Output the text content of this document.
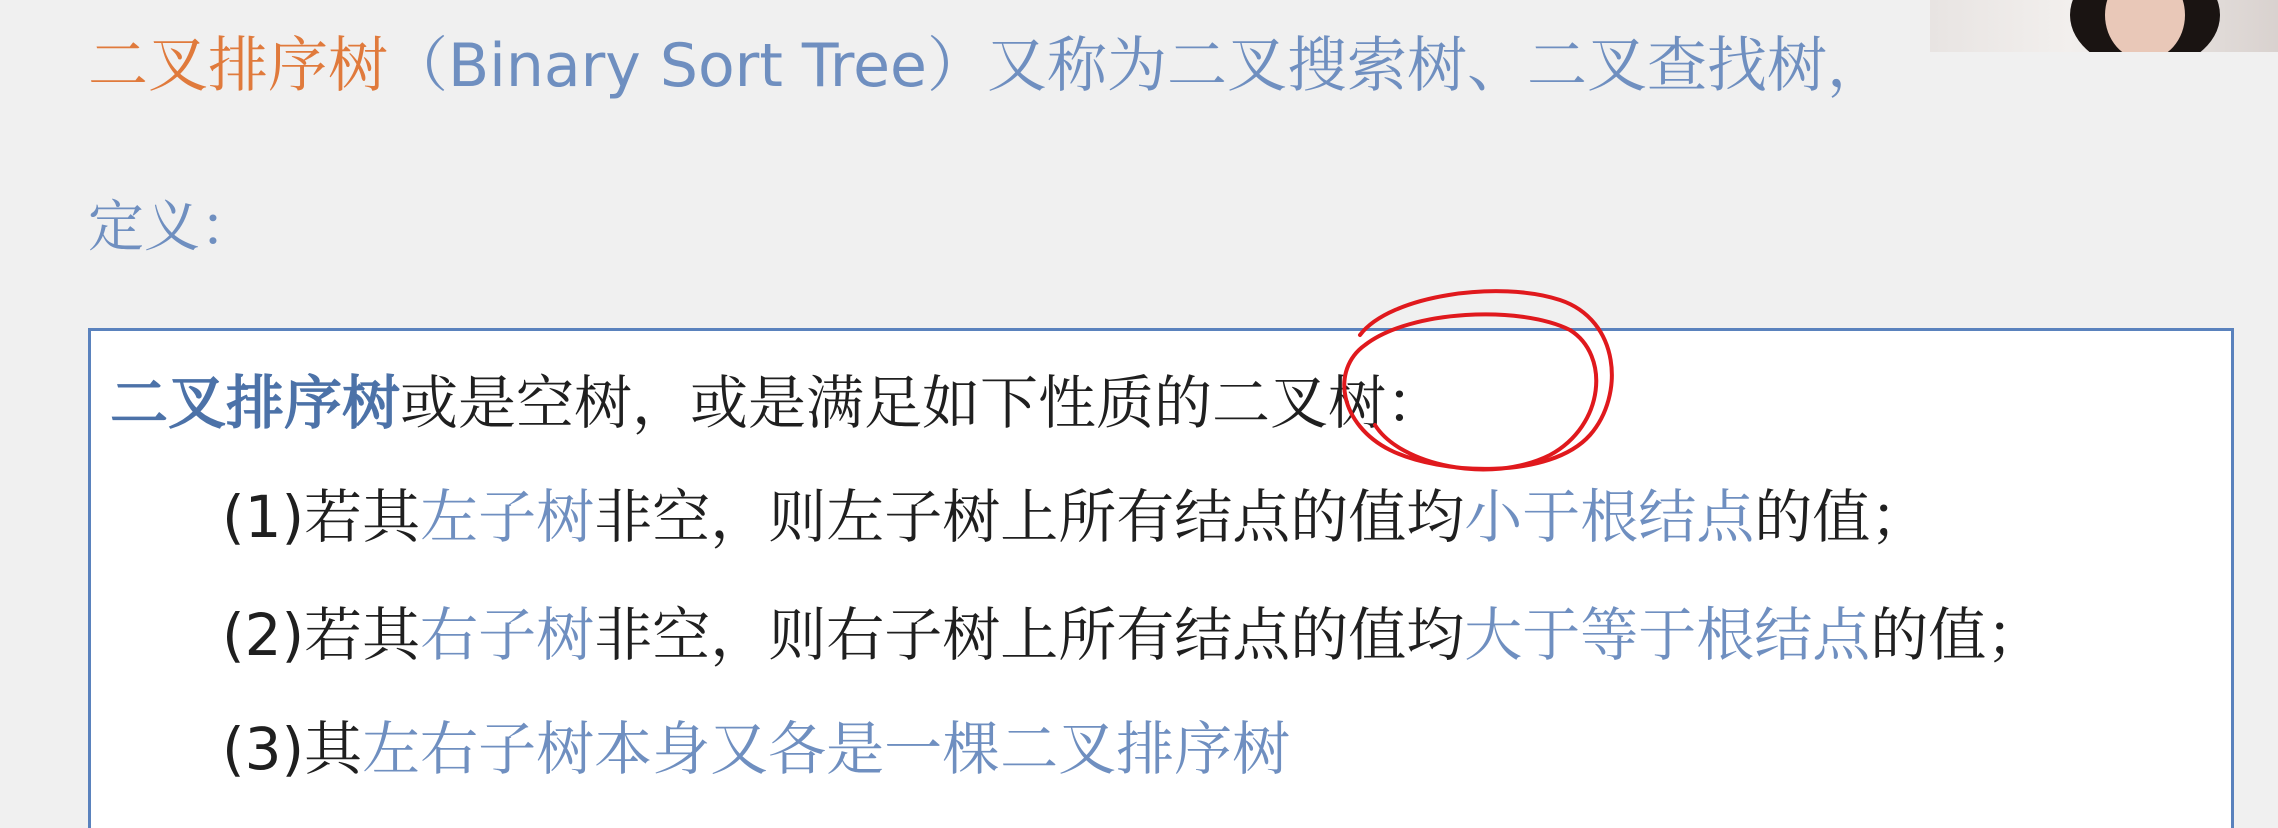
二叉排序树（Binary Sort Tree）又称为二叉搜索树、二叉查找树，
定义：
二叉排序树或是空树，或是满足如下性质的二叉树：
(1)若其左子树非空，则左子树上所有结点的值均小于根结点的值；
(2)若其右子树非空，则右子树上所有结点的值均大于等于根结点的值；
(3)其左右子树本身又各是一棵二叉排序树
